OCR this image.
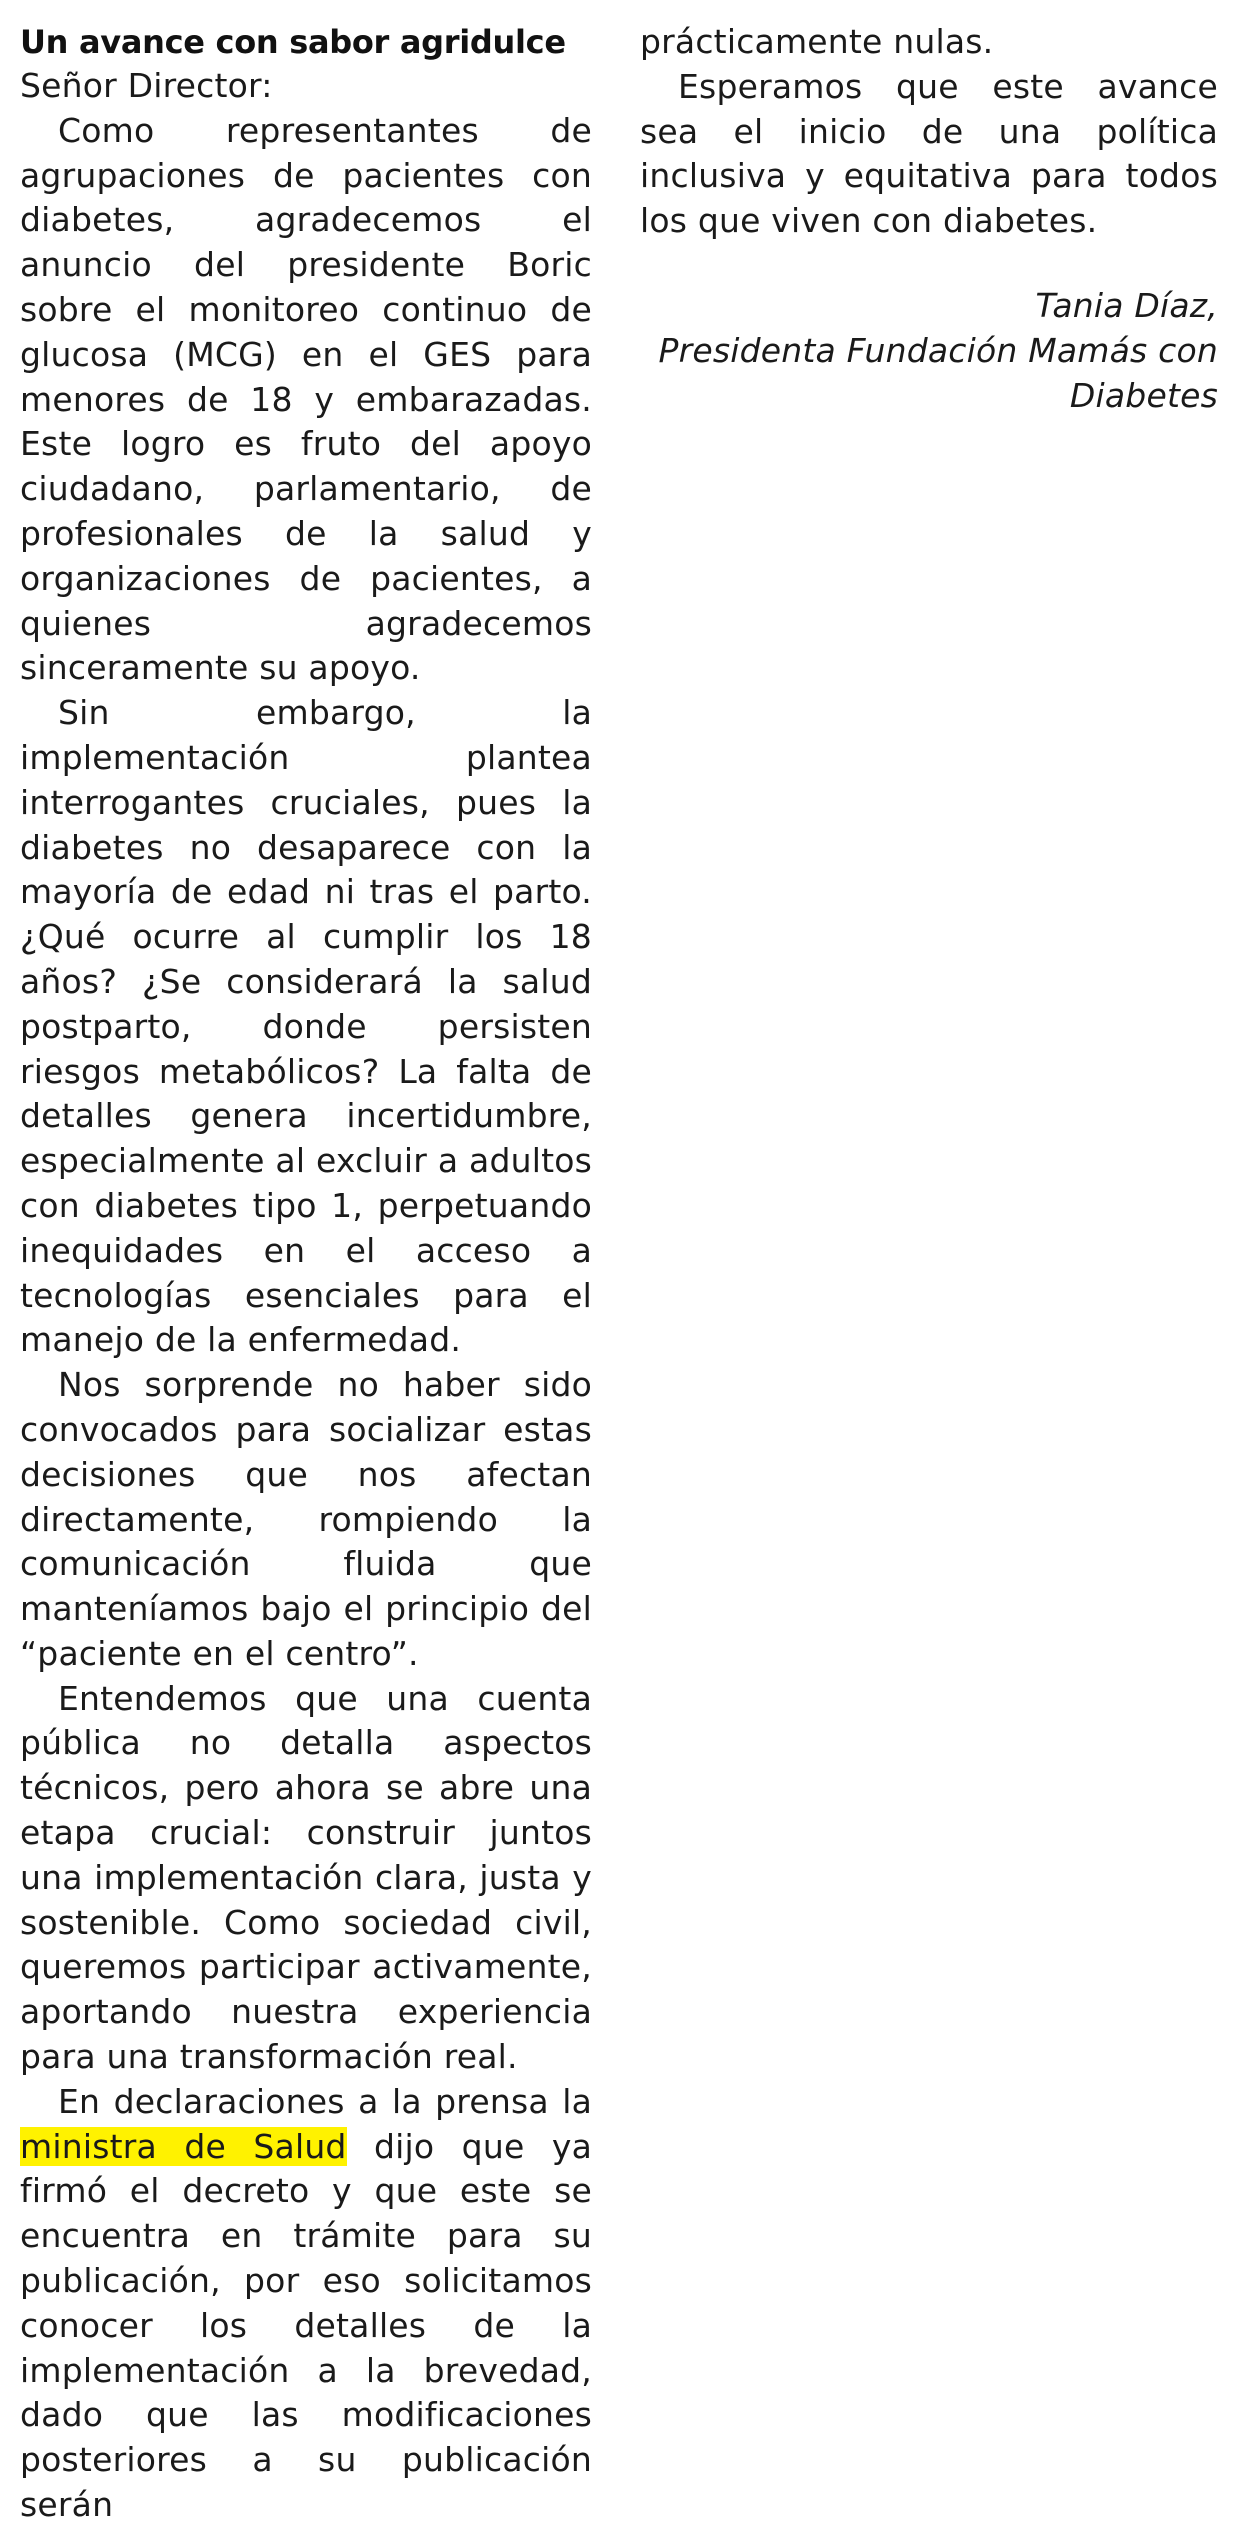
Un avance con sabor agridulce
Señor Director:

Como representantes de agrupaciones de pacientes con diabetes, agradecemos el anuncio del presidente Boric sobre el monitoreo continuo de glucosa (MCG) en el GES para menores de 18 y embarazadas. Este logro es fruto del apoyo ciudadano, parlamentario, de profesionales de la salud y organizaciones de pacientes, a quienes agradecemos sinceramente su apoyo.

Sin embargo, la implementación plantea interrogantes cruciales, pues la diabetes no desaparece con la mayoría de edad ni tras el parto. ¿Qué ocurre al cumplir los 18 años? ¿Se considerará la salud postparto, donde persisten riesgos metabólicos? La falta de detalles genera incertidumbre, especialmente al excluir a adultos con diabetes tipo 1, perpetuando inequidades en el acceso a tecnologías esenciales para el manejo de la enfermedad.

Nos sorprende no haber sido convocados para socializar estas decisiones que nos afectan directamente, rompiendo la comunicación fluida que manteníamos bajo el principio del “paciente en el centro”.

Entendemos que una cuenta pública no detalla aspectos técnicos, pero ahora se abre una etapa crucial: construir juntos una implementación clara, justa y sostenible. Como sociedad civil, queremos participar activamente, aportando nuestra experiencia para una transformación real.

En declaraciones a la prensa la ministra de Salud dijo que ya firmó el decreto y que este se encuentra en trámite para su publicación, por eso solicitamos conocer los detalles de la implementación a la brevedad, dado que las modificaciones posteriores a su publicación serán

prácticamente nulas.

Esperamos que este avance sea el inicio de una política inclusiva y equitativa para todos los que viven con diabetes.

Tania Díaz,
Presidenta Fundación Mamás con
Diabetes
